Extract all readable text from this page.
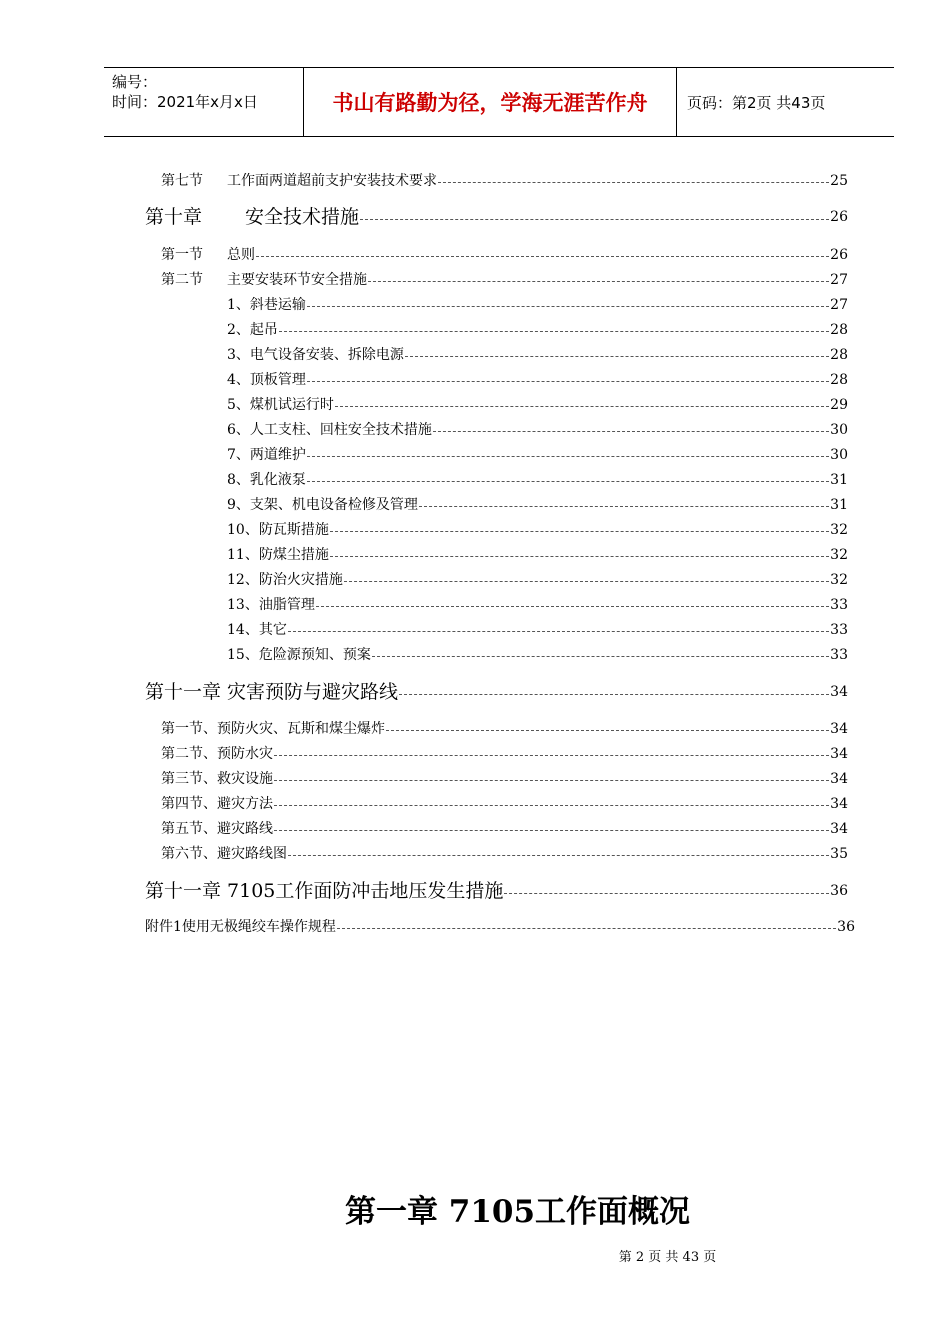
编号：
时间：2021年x月x日	书山有路勤为径，学海无涯苦作舟	页码：第2页 共43页
第七节 工作面两道超前支护安装技术要求	25
第十章 安全技术措施	26
第一节 总则	26
第二节 主要安装环节安全措施	27
1、斜巷运输	27
2、起吊	28
3、电气设备安装、拆除电源	28
4、顶板管理	28
5、煤机试运行时	29
6、人工支柱、回柱安全技术措施	30
7、两道维护	30
8、乳化液泵	31
9、支架、机电设备检修及管理	31
10、防瓦斯措施	32
11、防煤尘措施	32
12、防治火灾措施	32
13、油脂管理	33
14、其它	33
15、危险源预知、预案	33
第十一章 灾害预防与避灾路线	34
第一节、预防火灾、瓦斯和煤尘爆炸	34
第二节、预防水灾	34
第三节、救灾设施	34
第四节、避灾方法	34
第五节、避灾路线	34
第六节、避灾路线图	35
第十一章 7105工作面防冲击地压发生措施	36
附件1使用无极绳绞车操作规程	36
第一章 7105工作面概况
第 2 页 共 43 页
